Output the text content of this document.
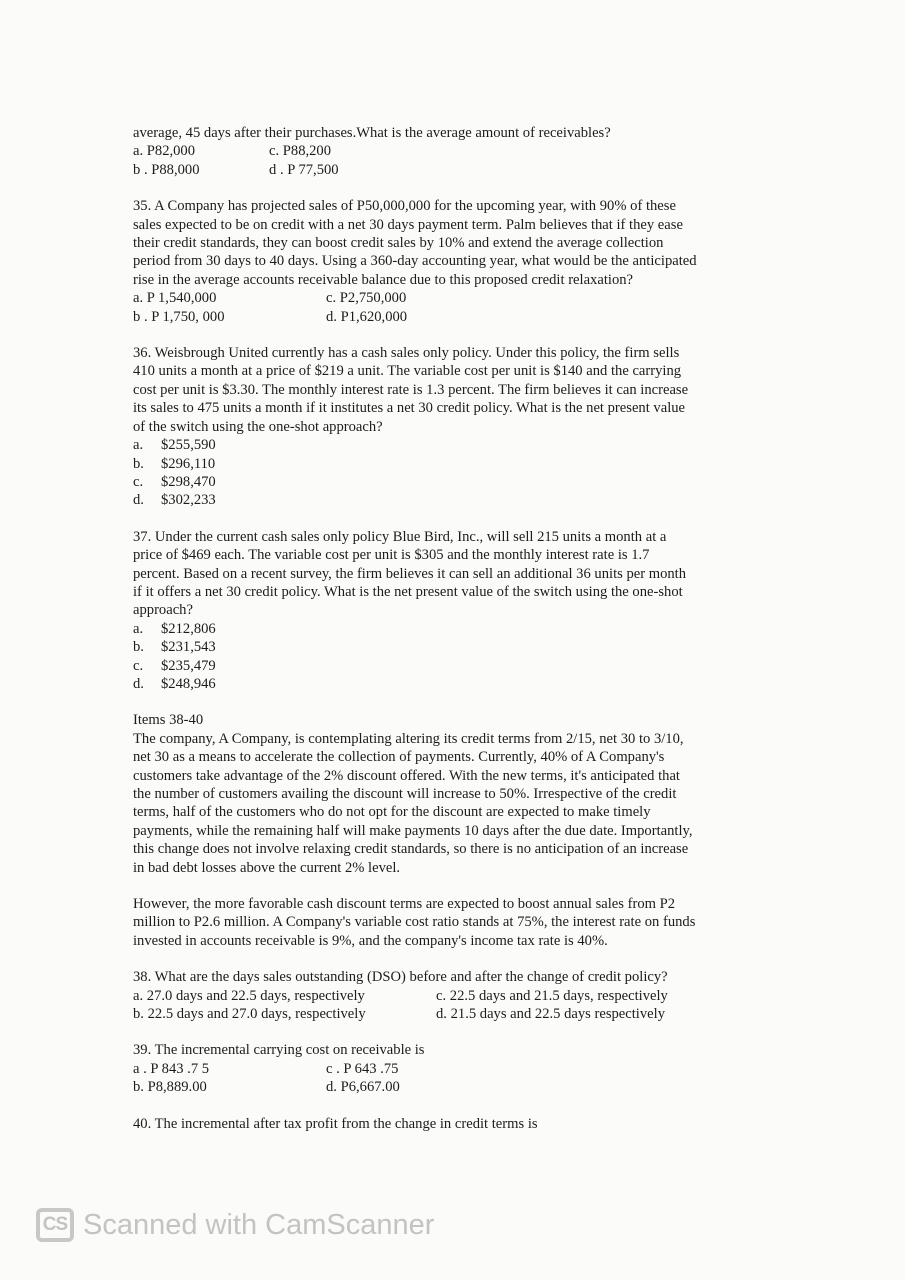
average, 45 days after their purchases.What is the average amount of receivables?
a. P82,000	c. P88,200
b . P88,000	d . P 77,500
35. A Company has projected sales of P50,000,000 for the upcoming year, with 90% of these
sales expected to be on credit with a net 30 days payment term. Palm believes that if they ease
their credit standards, they can boost credit sales by 10% and extend the average collection
period from 30 days to 40 days. Using a 360-day accounting year, what would be the anticipated
rise in the average accounts receivable balance due to this proposed credit relaxation?
a. P 1,540,000	c. P2,750,000
b . P 1,750, 000	d. P1,620,000
36. Weisbrough United currently has a cash sales only policy. Under this policy, the firm sells
410 units a month at a price of $219 a unit. The variable cost per unit is $140 and the carrying
cost per unit is $3.30. The monthly interest rate is 1.3 percent. The firm believes it can increase
its sales to 475 units a month if it institutes a net 30 credit policy. What is the net present value
of the switch using the one-shot approach?
a.	$255,590
b.	$296,110
c.	$298,470
d.	$302,233
37. Under the current cash sales only policy Blue Bird, Inc., will sell 215 units a month at a
price of $469 each. The variable cost per unit is $305 and the monthly interest rate is 1.7
percent. Based on a recent survey, the firm believes it can sell an additional 36 units per month
if it offers a net 30 credit policy. What is the net present value of the switch using the one-shot
approach?
a.	$212,806
b.	$231,543
c.	$235,479
d.	$248,946
Items 38-40
The company, A Company, is contemplating altering its credit terms from 2/15, net 30 to 3/10,
net 30 as a means to accelerate the collection of payments. Currently, 40% of A Company's
customers take advantage of the 2% discount offered. With the new terms, it's anticipated that
the number of customers availing the discount will increase to 50%. Irrespective of the credit
terms, half of the customers who do not opt for the discount are expected to make timely
payments, while the remaining half will make payments 10 days after the due date. Importantly,
this change does not involve relaxing credit standards, so there is no anticipation of an increase
in bad debt losses above the current 2% level.
However, the more favorable cash discount terms are expected to boost annual sales from P2
million to P2.6 million. A Company's variable cost ratio stands at 75%, the interest rate on funds
invested in accounts receivable is 9%, and the company's income tax rate is 40%.
38. What are the days sales outstanding (DSO) before and after the change of credit policy?
a. 27.0 days and 22.5 days, respectively	c. 22.5 days and 21.5 days, respectively
b. 22.5 days and 27.0 days, respectively	d. 21.5 days and 22.5 days respectively
39. The incremental carrying cost on receivable is
a . P 843 .7 5	c . P 643 .75
b. P8,889.00	d. P6,667.00
40. The incremental after tax profit from the change in credit terms is
CS Scanned with CamScanner
